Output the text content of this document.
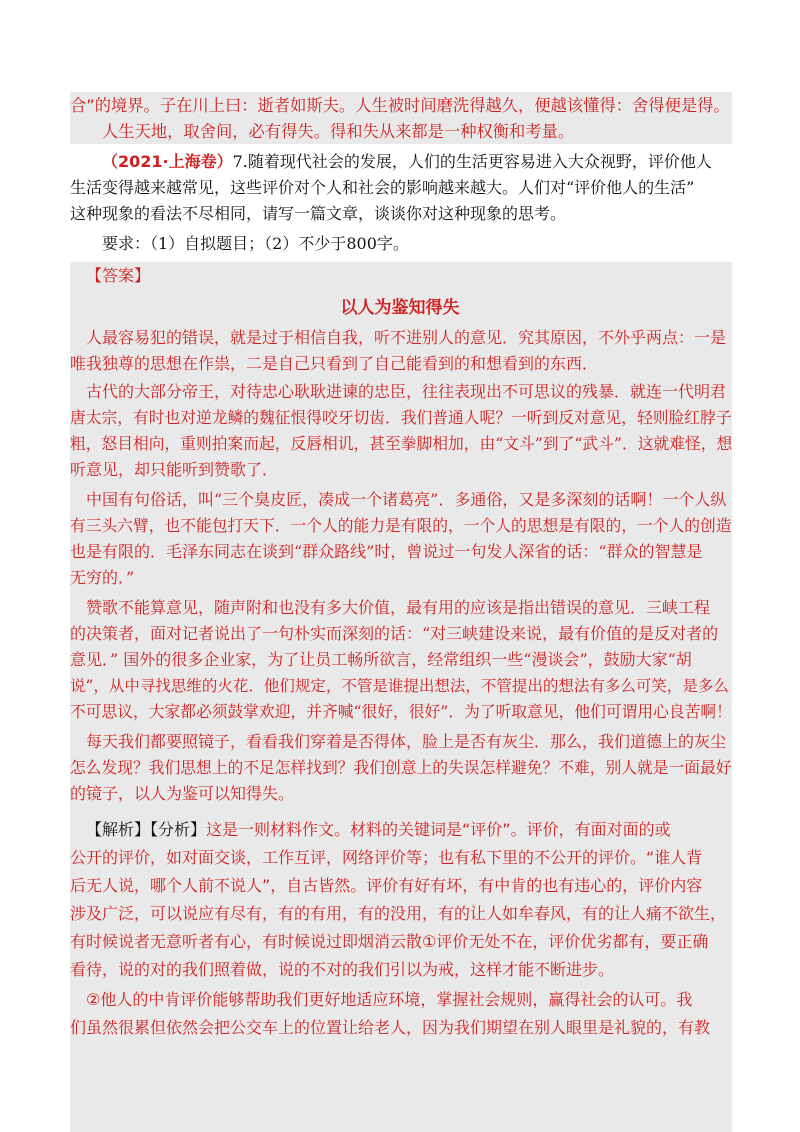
合”的境界。子在川上曰：逝者如斯夫。人生被时间磨洗得越久，便越该懂得：舍得便是得。
人生天地，取舍间，必有得失。得和失从来都是一种权衡和考量。
（2021·上海卷）7.随着现代社会的发展，人们的生活更容易进入大众视野，评价他人
生活变得越来越常见，这些评价对个人和社会的影响越来越大。人们对“评价他人的生活”
这种现象的看法不尽相同，请写一篇文章，谈谈你对这种现象的思考。
要求：（1）自拟题目；（2）不少于800字。
【答案】
以人为鉴知得失
人最容易犯的错误，就是过于相信自我，听不进别人的意见．究其原因，不外乎两点：一是
唯我独尊的思想在作祟，二是自己只看到了自己能看到的和想看到的东西．
古代的大部分帝王，对待忠心耿耿进谏的忠臣，往往表现出不可思议的残暴．就连一代明君
唐太宗，有时也对逆龙鳞的魏征恨得咬牙切齿．我们普通人呢？一听到反对意见，轻则脸红脖子
粗，怒目相向，重则拍案而起，反唇相讥，甚至拳脚相加，由“文斗”到了“武斗”．这就难怪，想
听意见，却只能听到赞歌了．
中国有句俗话，叫“三个臭皮匠，凑成一个诸葛亮”．多通俗，又是多深刻的话啊！一个人纵
有三头六臂，也不能包打天下．一个人的能力是有限的，一个人的思想是有限的，一个人的创造
也是有限的．毛泽东同志在谈到“群众路线”时，曾说过一句发人深省的话：“群众的智慧是
无穷的．”
赞歌不能算意见，随声附和也没有多大价值，最有用的应该是指出错误的意见．三峡工程
的决策者，面对记者说出了一句朴实而深刻的话：“对三峡建设来说，最有价值的是反对者的
意见．” 国外的很多企业家，为了让员工畅所欲言，经常组织一些“漫谈会”，鼓励大家“胡
说”，从中寻找思维的火花．他们规定，不管是谁提出想法，不管提出的想法有多么可笑，是多么
不可思议，大家都必须鼓掌欢迎，并齐喊“很好，很好”．为了听取意见，他们可谓用心良苦啊！
每天我们都要照镜子，看看我们穿着是否得体，脸上是否有灰尘．那么，我们道德上的灰尘
怎么发现？我们思想上的不足怎样找到？我们创意上的失误怎样避免？不难，别人就是一面最好
的镜子，以人为鉴可以知得失。
【解析】【分析】这是一则材料作文。材料的关键词是“评价”。评价，有面对面的或
公开的评价，如对面交谈，工作互评，网络评价等；也有私下里的不公开的评价。“谁人背
后无人说，哪个人前不说人”，自古皆然。评价有好有坏，有中肯的也有违心的，评价内容
涉及广泛，可以说应有尽有，有的有用，有的没用，有的让人如牟春风，有的让人痛不欲生，
有时候说者无意听者有心，有时候说过即烟消云散①评价无处不在，评价优劣都有，要正确
看待，说的对的我们照着做，说的不对的我们引以为戒，这样才能不断进步。
②他人的中肯评价能够帮助我们更好地适应环境，掌握社会规则，赢得社会的认可。我
们虽然很累但依然会把公交车上的位置让给老人，因为我们期望在别人眼里是礼貌的，有教
